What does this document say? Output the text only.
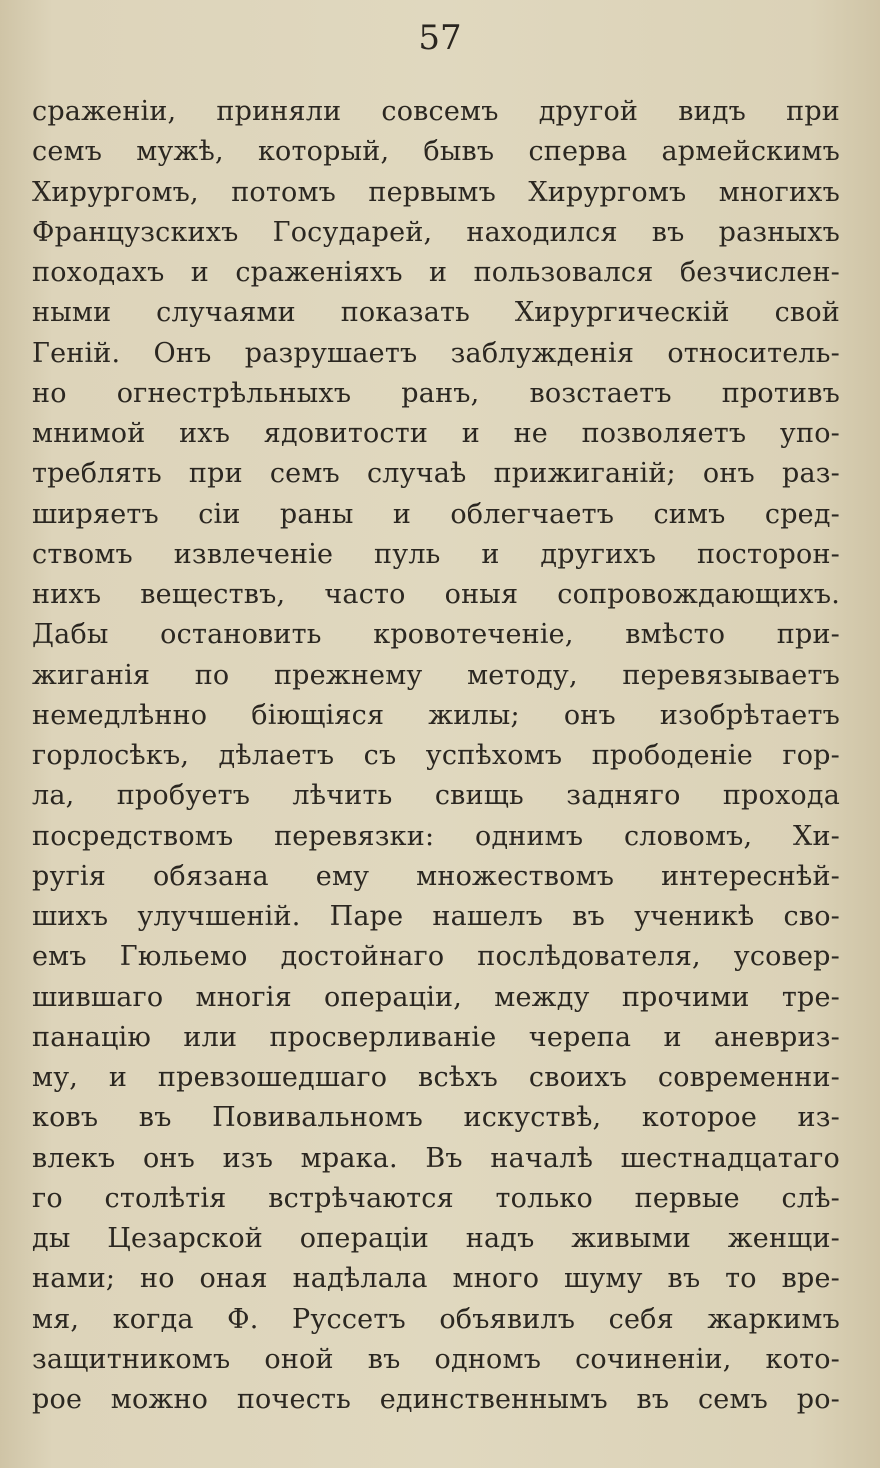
57
сраженіи, приняли совсемъ другой видъ при
семъ мужѣ, который, бывъ сперва армейскимъ
Хирургомъ, потомъ первымъ Хирургомъ многихъ
Французскихъ Государей, находился въ разныхъ
походахъ и сраженіяхъ и пользовался безчислен-
ными случаями показать Хирургическій свой
Геній. Онъ разрушаетъ заблужденія относитель-
но огнестрѣльныхъ ранъ, возстаетъ противъ
мнимой ихъ ядовитости и не позволяетъ упо-
треблять при семъ случаѣ прижиганій; онъ раз-
ширяетъ сіи раны и облегчаетъ симъ сред-
ствомъ извлеченіе пуль и другихъ посторон-
нихъ веществъ, часто оныя сопровождающихъ.
Дабы остановить кровотеченіе, вмѣсто при-
жиганія по прежнему методу, перевязываетъ
немедлѣнно біющіяся жилы; онъ изобрѣтаетъ
горлосѣкъ, дѣлаетъ съ успѣхомъ прободеніе гор-
ла, пробуетъ лѣчить свищь задняго прохода
посредствомъ перевязки: однимъ словомъ, Хи-
ругія обязана ему множествомъ интереснѣй-
шихъ улучшеній. Паре нашелъ въ ученикѣ сво-
емъ Гюльемо достойнаго послѣдователя, усовер-
шившаго многія операціи, между прочими тре-
панацію или просверливаніе черепа и аневриз-
му, и превзошедшаго всѣхъ своихъ современни-
ковъ въ Повивальномъ искуствѣ, которое из-
влекъ онъ изъ мрака. Въ началѣ шестнадцатаго
го столѣтія встрѣчаются только первые слѣ-
ды Цезарской операціи надъ живыми женщи-
нами; но оная надѣлала много шуму въ то вре-
мя, когда Ф. Руссетъ объявилъ себя жаркимъ
защитникомъ оной въ одномъ сочиненіи, кото-
рое можно почесть единственнымъ въ семъ ро-
